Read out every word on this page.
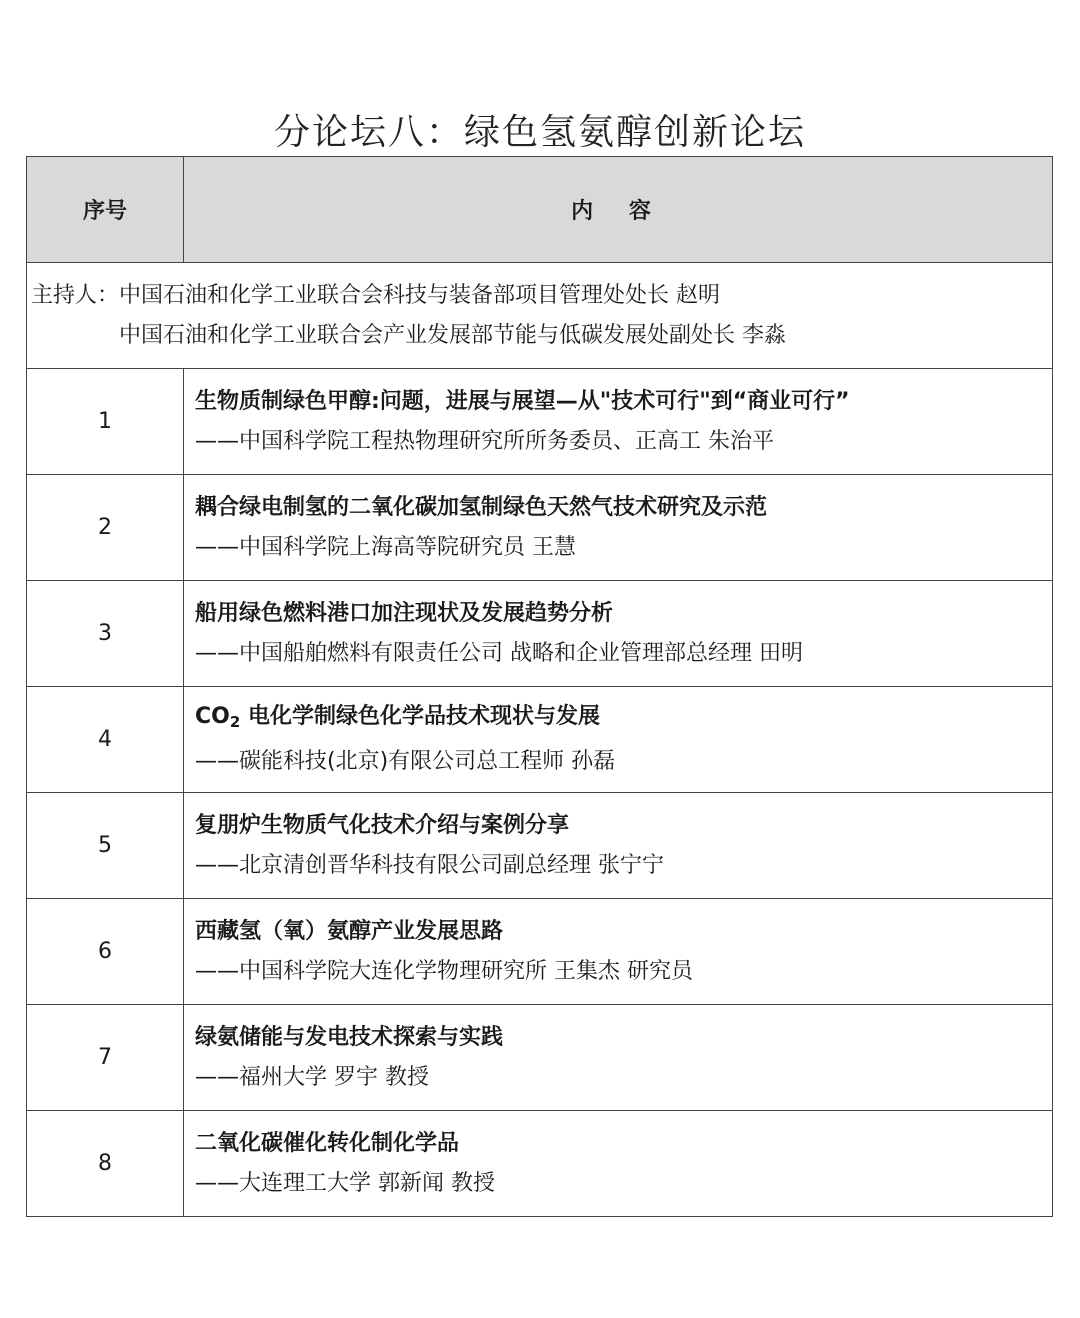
分论坛八：绿色氢氨醇创新论坛
序号	内 容

主持人： 中国石油和化学工业联合会科技与装备部项目管理处处长 赵明
中国石油和化学工业联合会产业发展部节能与低碳发展处副处长 李淼	

1	生物质制绿色甲醇:问题，进展与展望—从"技术可行"到“商业可行”
——中国科学院工程热物理研究所所务委员、正高工 朱治平

2	耦合绿电制氢的二氧化碳加氢制绿色天然气技术研究及示范
——中国科学院上海高等院研究员 王慧

3	船用绿色燃料港口加注现状及发展趋势分析
——中国船舶燃料有限责任公司 战略和企业管理部总经理 田明

4	CO2 电化学制绿色化学品技术现状与发展
——碳能科技(北京)有限公司总工程师 孙磊

5	复朋炉生物质气化技术介绍与案例分享
——北京清创晋华科技有限公司副总经理 张宁宁

6	西藏氢（氧）氨醇产业发展思路
——中国科学院大连化学物理研究所 王集杰 研究员

7	绿氨储能与发电技术探索与实践
——福州大学 罗宇 教授

8	二氧化碳催化转化制化学品
——大连理工大学 郭新闻 教授
